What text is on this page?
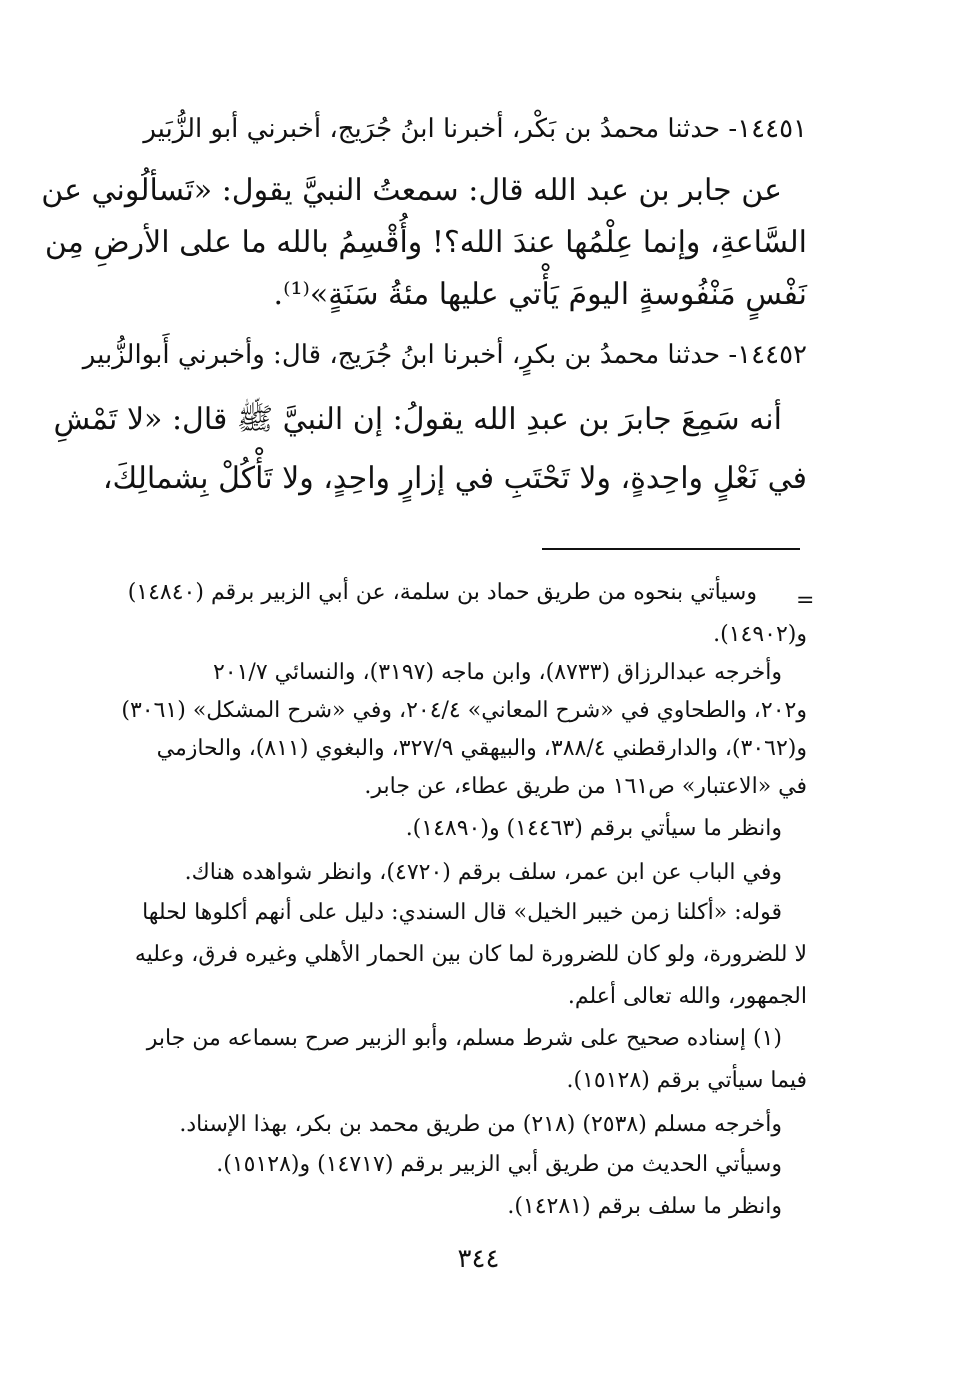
١٤٤٥١- حدثنا محمدُ بن بَكْر، أخبرنا ابنُ جُرَيج، أخبرني أبو الزُّبَير
عن جابر بن عبد الله قال: سمعتُ النبيَّ يقول: «تَسألُوني عن
السَّاعةِ، وإنما عِلْمُها عندَ الله؟! وأُقْسِمُ بالله ما على الأرضِ مِن
نَفْسٍ مَنْفُوسةٍ اليومَ يَأْتي عليها مئةُ سَنَةٍ»⁽¹⁾.
١٤٤٥٢- حدثنا محمدُ بن بكرٍ، أخبرنا ابنُ جُرَيج، قال: وأخبرني أَبوالزُّبير
أنه سَمِعَ جابرَ بن عبدِ الله يقولُ: إن النبيَّ ﷺ قال: «لا تَمْشِ
في نَعْلٍ واحِدةٍ، ولا تَحْتَبِ في إزارٍ واحِدٍ، ولا تَأْكُلْ بِشمالِكَ،
=
وسيأتي بنحوه من طريق حماد بن سلمة، عن أبي الزبير برقم (١٤٨٤٠)
و(١٤٩٠٢).
وأخرجه عبدالرزاق (٨٧٣٣)، وابن ماجه (٣١٩٧)، والنسائي ٢٠١/٧
و٢٠٢، والطحاوي في «شرح المعاني» ٢٠٤/٤، وفي «شرح المشكل» (٣٠٦١)
و(٣٠٦٢)، والدارقطني ٣٨٨/٤، والبيهقي ٣٢٧/٩، والبغوي (٨١١)، والحازمي
في «الاعتبار» ص١٦١ من طريق عطاء، عن جابر.
وانظر ما سيأتي برقم (١٤٤٦٣) و(١٤٨٩٠).
وفي الباب عن ابن عمر، سلف برقم (٤٧٢٠)، وانظر شواهده هناك.
قوله: «أكلنا زمن خيبر الخيل» قال السندي: دليل على أنهم أكلوها لحلها
لا للضرورة، ولو كان للضرورة لما كان بين الحمار الأهلي وغيره فرق، وعليه
الجمهور، والله تعالى أعلم.
(١) إسناده صحيح على شرط مسلم، وأبو الزبير صرح بسماعه من جابر
فيما سيأتي برقم (١٥١٢٨).
وأخرجه مسلم (٢٥٣٨) (٢١٨) من طريق محمد بن بكر، بهذا الإسناد.
وسيأتي الحديث من طريق أبي الزبير برقم (١٤٧١٧) و(١٥١٢٨).
وانظر ما سلف برقم (١٤٢٨١).
٣٤٤
